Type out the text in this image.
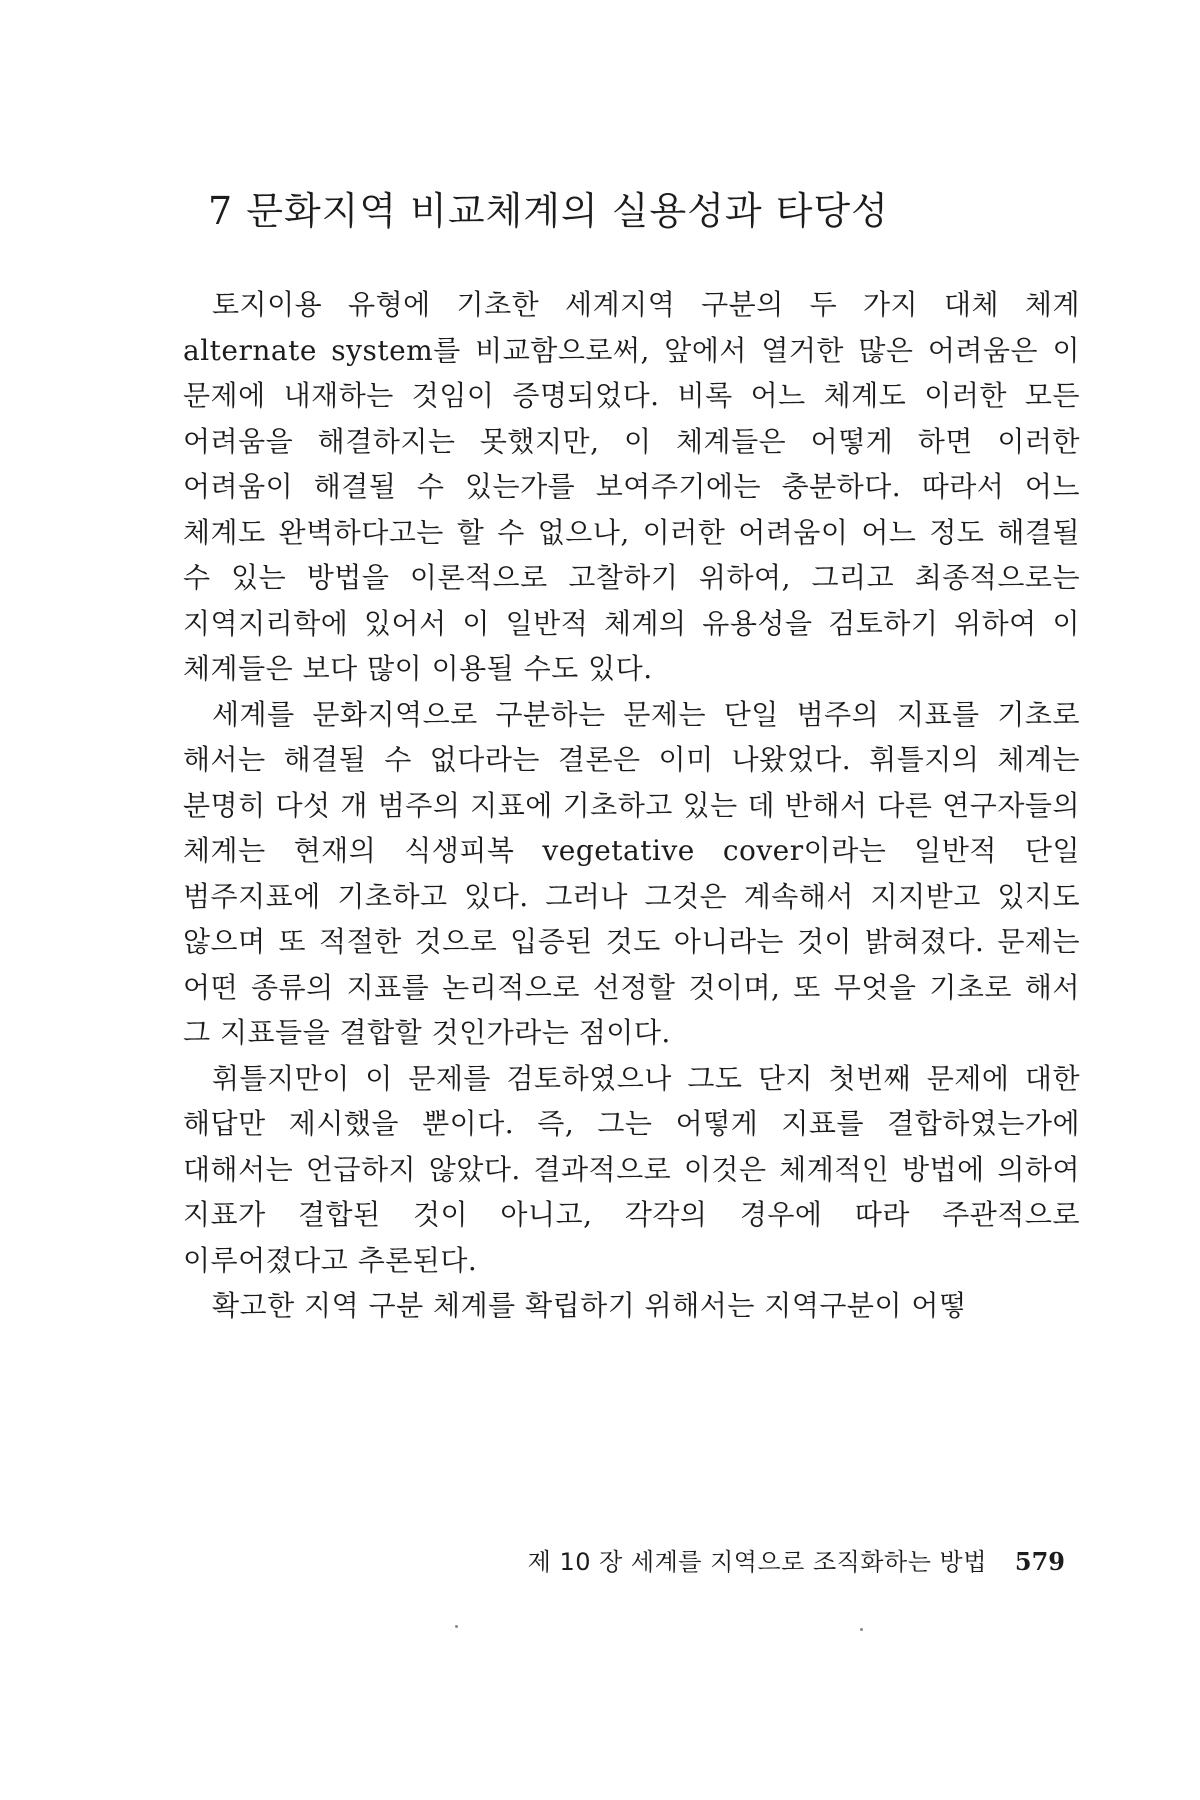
7 문화지역 비교체계의 실용성과 타당성

토지이용 유형에 기초한 세계지역 구분의 두 가지 대체 체계 alternate system를 비교함으로써, 앞에서 열거한 많은 어려움은 이 문제에 내재하는 것임이 증명되었다. 비록 어느 체계도 이러한 모든 어려움을 해결하지는 못했지만, 이 체계들은 어떻게 하면 이러한 어려움이 해결될 수 있는가를 보여주기에는 충분하다. 따라서 어느 체계도 완벽하다고는 할 수 없으나, 이러한 어려움이 어느 정도 해결될 수 있는 방법을 이론적으로 고찰하기 위하여, 그리고 최종적으로는 지역지리학에 있어서 이 일반적 체계의 유용성을 검토하기 위하여 이 체계들은 보다 많이 이용될 수도 있다.

세계를 문화지역으로 구분하는 문제는 단일 범주의 지표를 기초로 해서는 해결될 수 없다라는 결론은 이미 나왔었다. 휘틀지의 체계는 분명히 다섯 개 범주의 지표에 기초하고 있는 데 반해서 다른 연구자들의 체계는 현재의 식생피복 vegetative cover이라는 일반적 단일 범주지표에 기초하고 있다. 그러나 그것은 계속해서 지지받고 있지도 않으며 또 적절한 것으로 입증된 것도 아니라는 것이 밝혀졌다. 문제는 어떤 종류의 지표를 논리적으로 선정할 것이며, 또 무엇을 기초로 해서 그 지표들을 결합할 것인가라는 점이다.

휘틀지만이 이 문제를 검토하였으나 그도 단지 첫번째 문제에 대한 해답만 제시했을 뿐이다. 즉, 그는 어떻게 지표를 결합하였는가에 대해서는 언급하지 않았다. 결과적으로 이것은 체계적인 방법에 의하여 지표가 결합된 것이 아니고, 각각의 경우에 따라 주관적으로 이루어졌다고 추론된다.

확고한 지역 구분 체계를 확립하기 위해서는 지역구분이 어떻

제 10 장 세계를 지역으로 조직화하는 방법 579
